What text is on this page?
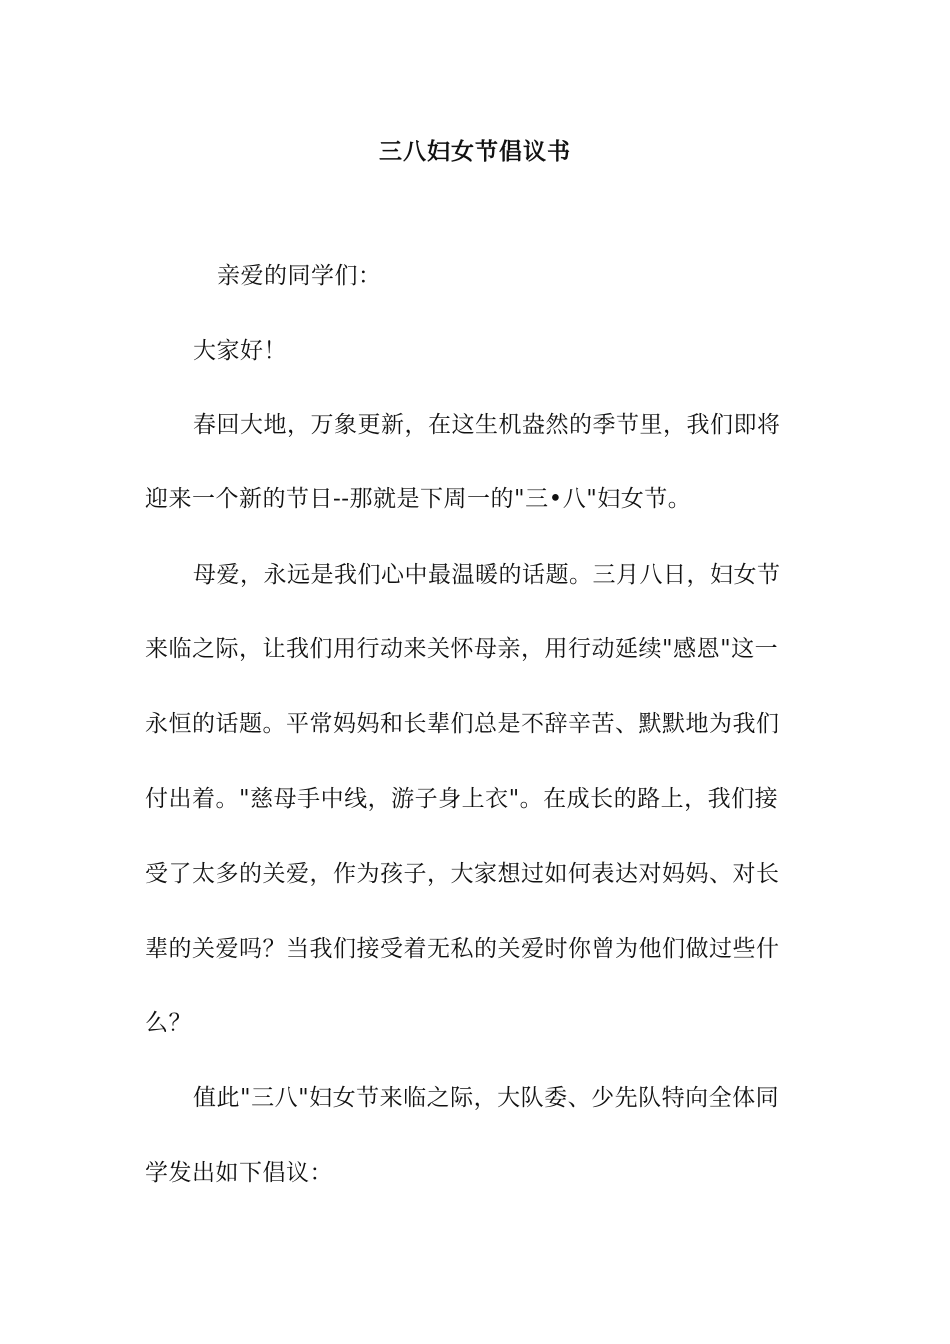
三八妇女节倡议书
亲爱的同学们：
大家好！
春回大地，万象更新，在这生机盎然的季节里，我们即将
迎来一个新的节日--那就是下周一的"三•八"妇女节。
母爱，永远是我们心中最温暖的话题。三月八日，妇女节
来临之际，让我们用行动来关怀母亲，用行动延续"感恩"这一
永恒的话题。平常妈妈和长辈们总是不辞辛苦、默默地为我们
付出着。"慈母手中线，游子身上衣"。在成长的路上，我们接
受了太多的关爱，作为孩子，大家想过如何表达对妈妈、对长
辈的关爱吗？当我们接受着无私的关爱时你曾为他们做过些什
么？
值此"三八"妇女节来临之际，大队委、少先队特向全体同
学发出如下倡议：
